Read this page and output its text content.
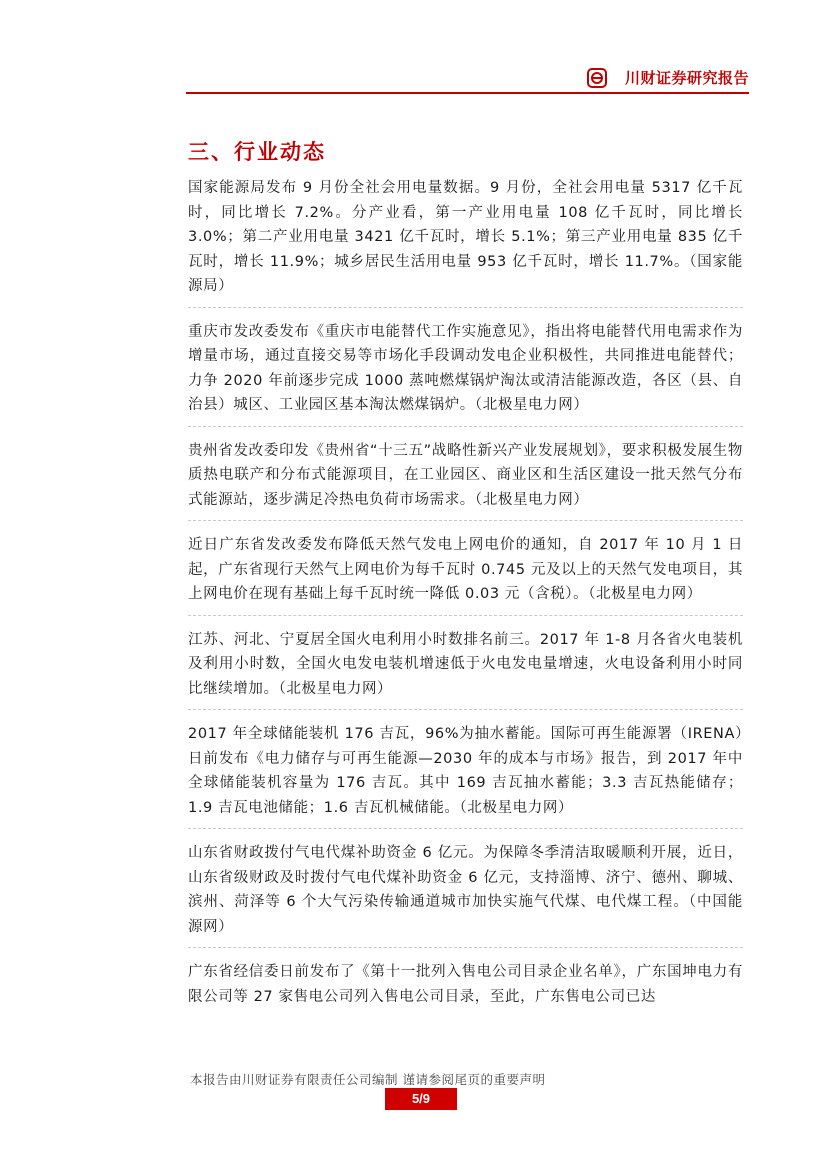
川财证券研究报告
三、行业动态

国家能源局发布 9 月份全社会用电量数据。9 月份，全社会用电量 5317 亿千瓦时，同比增长 7.2%。分产业看，第一产业用电量 108 亿千瓦时，同比增长 3.0%；第二产业用电量 3421 亿千瓦时，增长 5.1%；第三产业用电量 835 亿千瓦时，增长 11.9%；城乡居民生活用电量 953 亿千瓦时，增长 11.7%。（国家能源局）

重庆市发改委发布《重庆市电能替代工作实施意见》，指出将电能替代用电需求作为增量市场，通过直接交易等市场化手段调动发电企业积极性，共同推进电能替代；力争 2020 年前逐步完成 1000 蒸吨燃煤锅炉淘汰或清洁能源改造，各区（县、自治县）城区、工业园区基本淘汰燃煤锅炉。（北极星电力网）

贵州省发改委印发《贵州省“十三五”战略性新兴产业发展规划》，要求积极发展生物质热电联产和分布式能源项目，在工业园区、商业区和生活区建设一批天然气分布式能源站，逐步满足冷热电负荷市场需求。（北极星电力网）

近日广东省发改委发布降低天然气发电上网电价的通知，自 2017 年 10 月 1 日起，广东省现行天然气上网电价为每千瓦时 0.745 元及以上的天然气发电项目，其上网电价在现有基础上每千瓦时统一降低 0.03 元（含税）。（北极星电力网）

江苏、河北、宁夏居全国火电利用小时数排名前三。2017 年 1-8 月各省火电装机及利用小时数，全国火电发电装机增速低于火电发电量增速，火电设备利用小时同比继续增加。（北极星电力网）

2017 年全球储能装机 176 吉瓦，96%为抽水蓄能。国际可再生能源署（IRENA）日前发布《电力储存与可再生能源—2030 年的成本与市场》报告，到 2017 年中全球储能装机容量为 176 吉瓦。其中 169 吉瓦抽水蓄能；3.3 吉瓦热能储存；1.9 吉瓦电池储能；1.6 吉瓦机械储能。（北极星电力网）

山东省财政拨付气电代煤补助资金 6 亿元。为保障冬季清洁取暖顺利开展，近日，山东省级财政及时拨付气电代煤补助资金 6 亿元，支持淄博、济宁、德州、聊城、滨州、菏泽等 6 个大气污染传输通道城市加快实施气代煤、电代煤工程。（中国能源网）

广东省经信委日前发布了《第十一批列入售电公司目录企业名单》，广东国坤电力有限公司等 27 家售电公司列入售电公司目录，至此，广东售电公司已达

本报告由川财证券有限责任公司编制 谨请参阅尾页的重要声明
5/9
